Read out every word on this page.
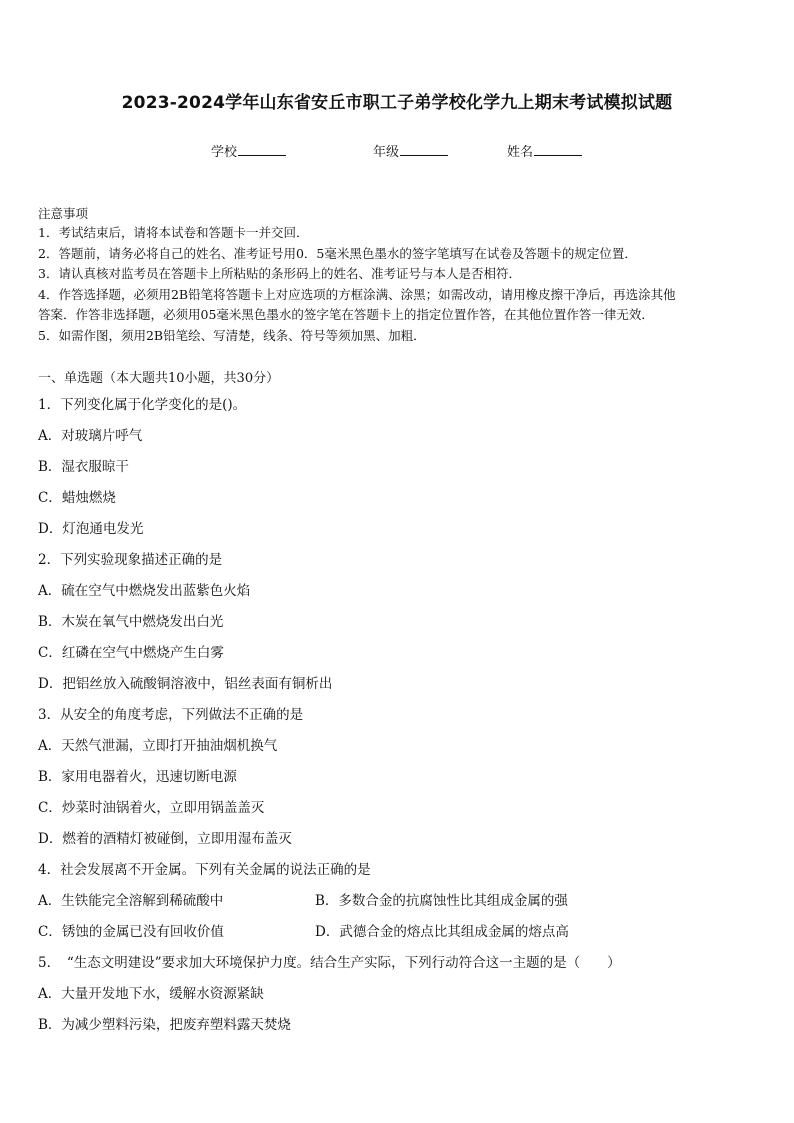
2023-2024学年山东省安丘市职工子弟学校化学九上期末考试模拟试题
学校	年级	姓名
注意事项

1．考试结束后，请将本试卷和答题卡一并交回．

2．答题前，请务必将自己的姓名、准考证号用0．5毫米黑色墨水的签字笔填写在试卷及答题卡的规定位置．

3．请认真核对监考员在答题卡上所粘贴的条形码上的姓名、准考证号与本人是否相符．

4．作答选择题，必须用2B铅笔将答题卡上对应选项的方框涂满、涂黑；如需改动，请用橡皮擦干净后，再选涂其他

答案．作答非选择题，必须用05毫米黑色墨水的签字笔在答题卡上的指定位置作答，在其他位置作答一律无效．

5．如需作图，须用2B铅笔绘、写清楚，线条、符号等须加黑、加粗．

一、单选题（本大题共10小题，共30分）
1．下列变化属于化学变化的是()。
A．对玻璃片呼气
B．湿衣服晾干
C．蜡烛燃烧
D．灯泡通电发光
2．下列实验现象描述正确的是
A．硫在空气中燃烧发出蓝紫色火焰
B．木炭在氧气中燃烧发出白光
C．红磷在空气中燃烧产生白雾
D．把铝丝放入硫酸铜溶液中，铝丝表面有铜析出
3．从安全的角度考虑，下列做法不正确的是
A．天然气泄漏，立即打开抽油烟机换气
B．家用电器着火，迅速切断电源
C．炒菜时油锅着火，立即用锅盖盖灭
D．燃着的酒精灯被碰倒，立即用湿布盖灭
4．社会发展离不开金属。下列有关金属的说法正确的是
A．生铁能完全溶解到稀硫酸中	B．多数合金的抗腐蚀性比其组成金属的强
C．锈蚀的金属已没有回收价值	D．武德合金的熔点比其组成金属的熔点高
5．　“生态文明建设”要求加大环境保护力度。结合生产实际，下列行动符合这一主题的是（　　）
A．大量开发地下水，缓解水资源紧缺
B．为减少塑料污染，把废弃塑料露天焚烧
